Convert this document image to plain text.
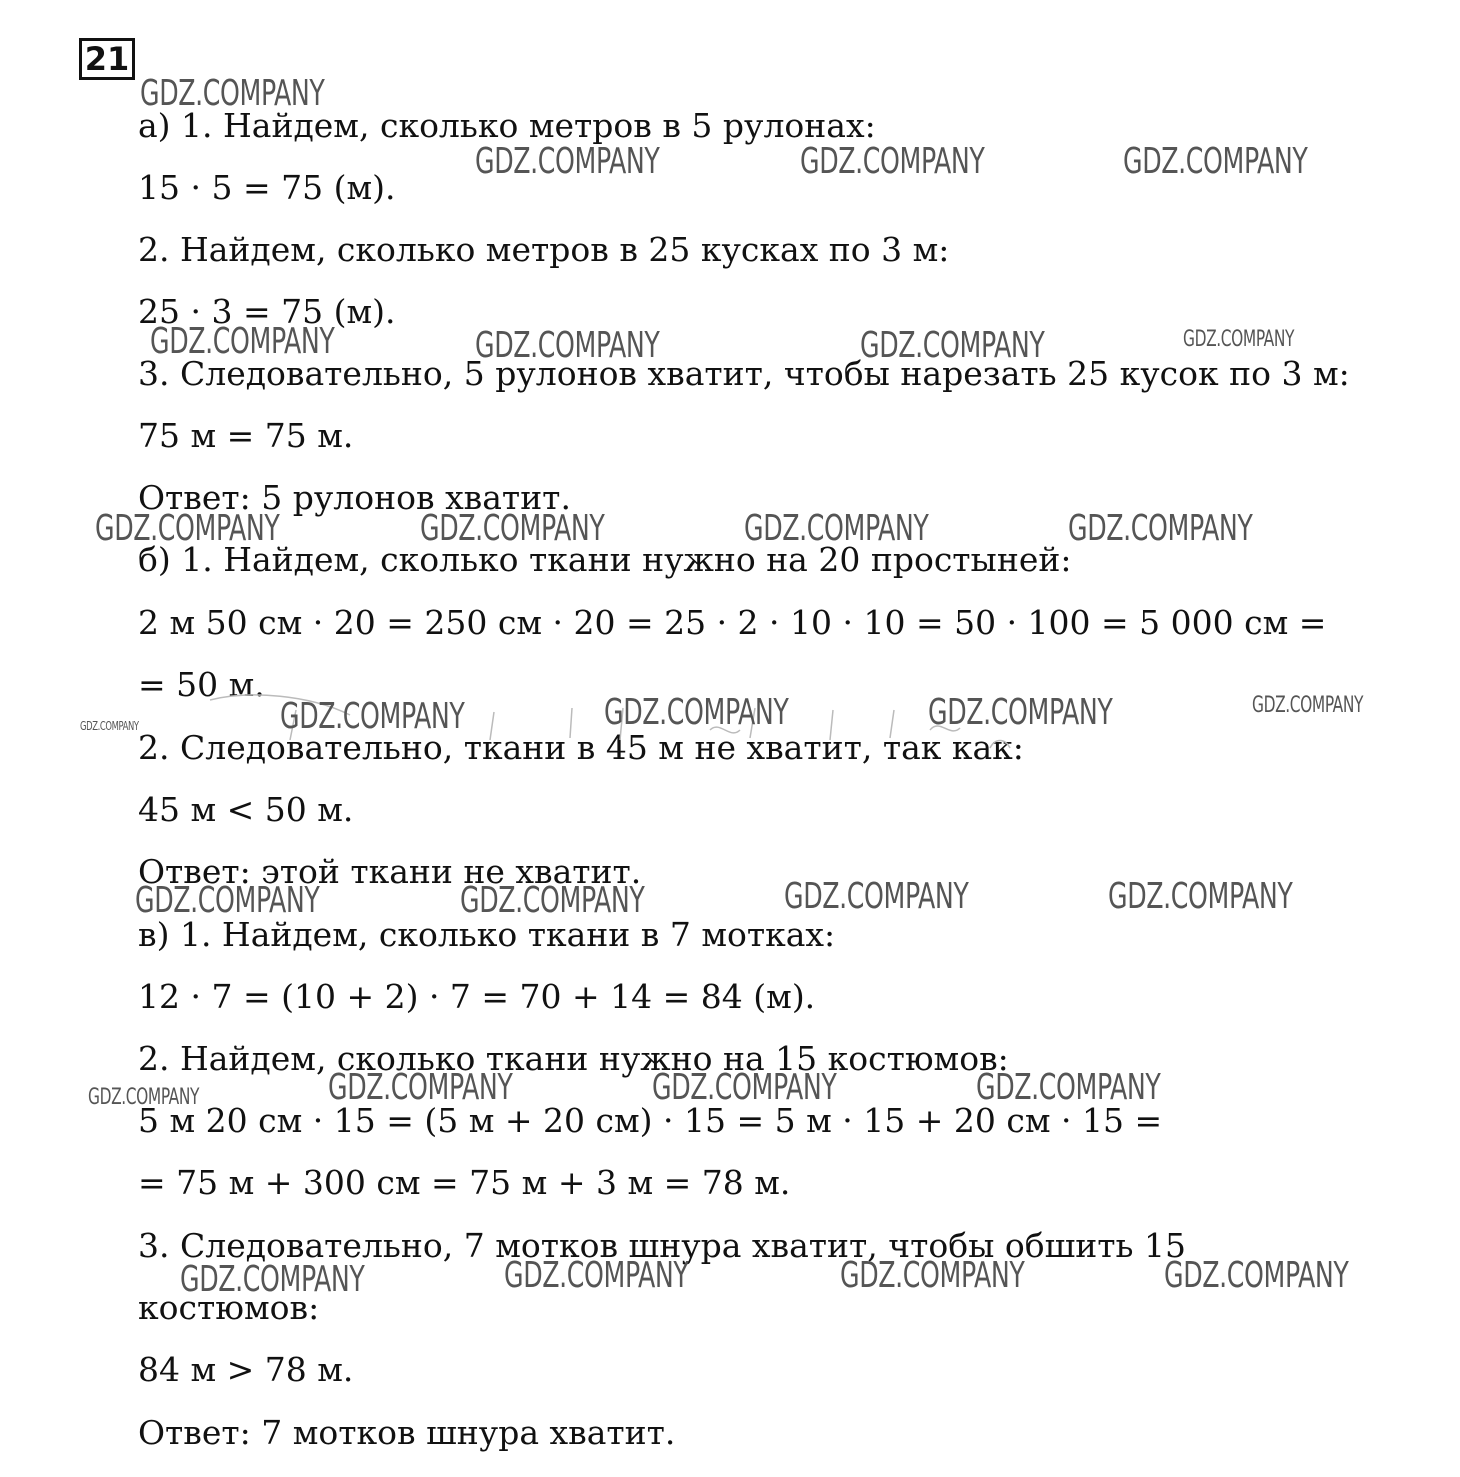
21
а) 1. Найдем, сколько метров в 5 рулонах:
15 · 5 = 75 (м).
2. Найдем, сколько метров в 25 кусках по 3 м:
25 · 3 = 75 (м).
3. Следовательно, 5 рулонов хватит, чтобы нарезать 25 кусок по 3 м:
75 м = 75 м.
Ответ: 5 рулонов хватит.
б) 1. Найдем, сколько ткани нужно на 20 простыней:
2 м 50 см · 20 = 250 см · 20 = 25 · 2 · 10 · 10 = 50 · 100 = 5 000 см =
= 50 м.
2. Следовательно, ткани в 45 м не хватит, так как:
45 м < 50 м.
Ответ: этой ткани не хватит.
в) 1. Найдем, сколько ткани в 7 мотках:
12 · 7 = (10 + 2) · 7 = 70 + 14 = 84 (м).
2. Найдем, сколько ткани нужно на 15 костюмов:
5 м 20 см · 15 = (5 м + 20 см) · 15 = 5 м · 15 + 20 см · 15 =
= 75 м + 300 см = 75 м + 3 м = 78 м.
3. Следовательно, 7 мотков шнура хватит, чтобы обшить 15
костюмов:
84 м > 78 м.
Ответ: 7 мотков шнура хватит.
GDZ.COMPANY
GDZ.COMPANY	GDZ.COMPANY	GDZ.COMPANY
GDZ.COMPANY	GDZ.COMPANY	GDZ.COMPANY	GDZ.COMPANY
GDZ.COMPANY	GDZ.COMPANY	GDZ.COMPANY	GDZ.COMPANY
GDZ.COMPANY	GDZ.COMPANY	GDZ.COMPANY	GDZ.COMPANY	GDZ.COMPANY
GDZ.COMPANY	GDZ.COMPANY	GDZ.COMPANY	GDZ.COMPANY
GDZ.COMPANY	GDZ.COMPANY	GDZ.COMPANY	GDZ.COMPANY
GDZ.COMPANY	GDZ.COMPANY	GDZ.COMPANY	GDZ.COMPANY
